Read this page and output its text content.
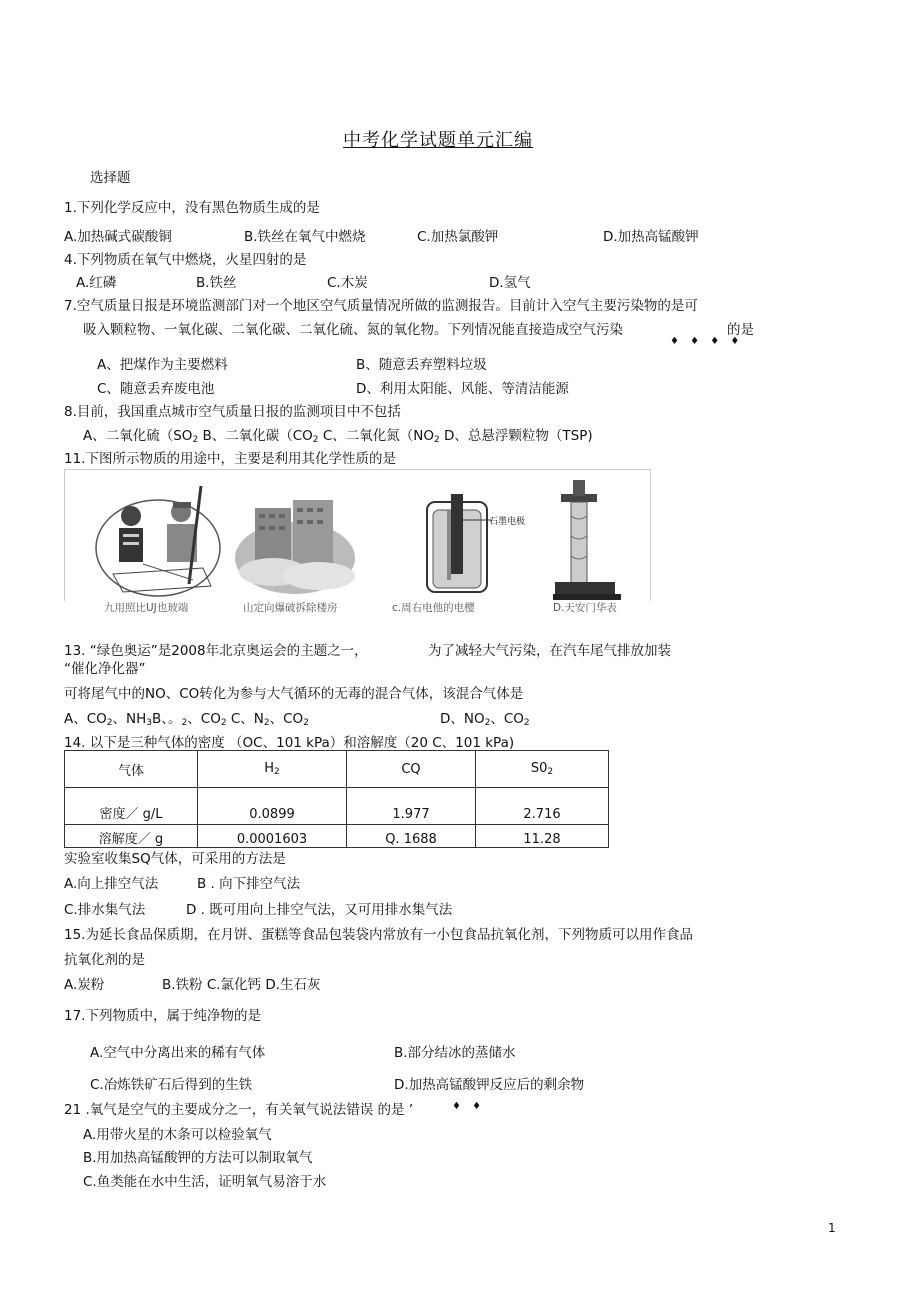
中考化学试题单元汇编
选择题
1.下列化学反应中，没有黑色物质生成的是
A.加热碱式碳酸铜	B.铁丝在氧气中燃烧	C.加热氯酸钾	D.加热高锰酸钾
4.下列物质在氧气中燃烧，火星四射的是
A.红磷	B.铁丝	C.木炭	D.氢气
7.空气质量日报是环境监测部门对一个地区空气质量情况所做的监测报告。目前计入空气主要污染物的是可
吸入颗粒物、一氧化碳、二氧化碳、二氧化硫、氮的氧化物。下列情况能直接造成空气污染	的是
♦ ♦ ♦ ♦
A、把煤作为主要燃料	B、随意丢弃塑料垃圾
C、随意丢弃废电池	D、利用太阳能、风能、等清洁能源
8.目前，我国重点城市空气质量日报的监测项目中不包括
A、二氧化硫（$SO_2$ B、二氧化碳（$CO_2$ C、二氧化氮（$NO_2$ D、总悬浮颗粒物（TSP)
11.下图所示物质的用途中，主要是利用其化学性质的是
石墨电极
九用照比UJ也玻端	山定向爆破拆除楼房	c.周右电他的电樱	D.天安门华表
13. “绿色奥运”是2008年北京奥运会的主题之一，	为了减轻大气污染，在汽车尾气排放加装
“催化净化器”
可将尾气中的NO、CO转化为参与大气循环的无毒的混合气体，该混合气体是
A、$CO_2$、$NH_3B$、。$_2$、$CO_2$ C、$N_2$、$CO_2$	D、$NO_2$、$CO_2$
14. 以下是三种气体的密度 （OC、101 kPa）和溶解度（20 C、101 kPa)
气体	$H_2$	CQ	$S0_2$
密度／ g/L	0.0899	1.977	2.716
溶解度／ g	0.0001603	Q. 1688	11.28
实验室收集SQ气体，可采用的方法是
A.向上排空气法	B . 向下排空气法
C.排水集气法	D . 既可用向上排空气法，又可用排水集气法
15.为延长食品保质期，在月饼、蛋糕等食品包装袋内常放有一小包食品抗氧化剂，下列物质可以用作食品
抗氧化剂的是
A.炭粉	B.铁粉 C.氯化钙 D.生石灰
17.下列物质中，属于纯净物的是
A.空气中分离出来的稀有气体	B.部分结冰的蒸储水
C.冶炼铁矿石后得到的生铁	D.加热高锰酸钾反应后的剩余物
21 .氧气是空气的主要成分之一，有关氧气说法错误 的是 ’	♦ ♦
A.用带火星的木条可以检验氧气
B.用加热高锰酸钾的方法可以制取氧气
C.鱼类能在水中生活，证明氧气易溶于水
1
